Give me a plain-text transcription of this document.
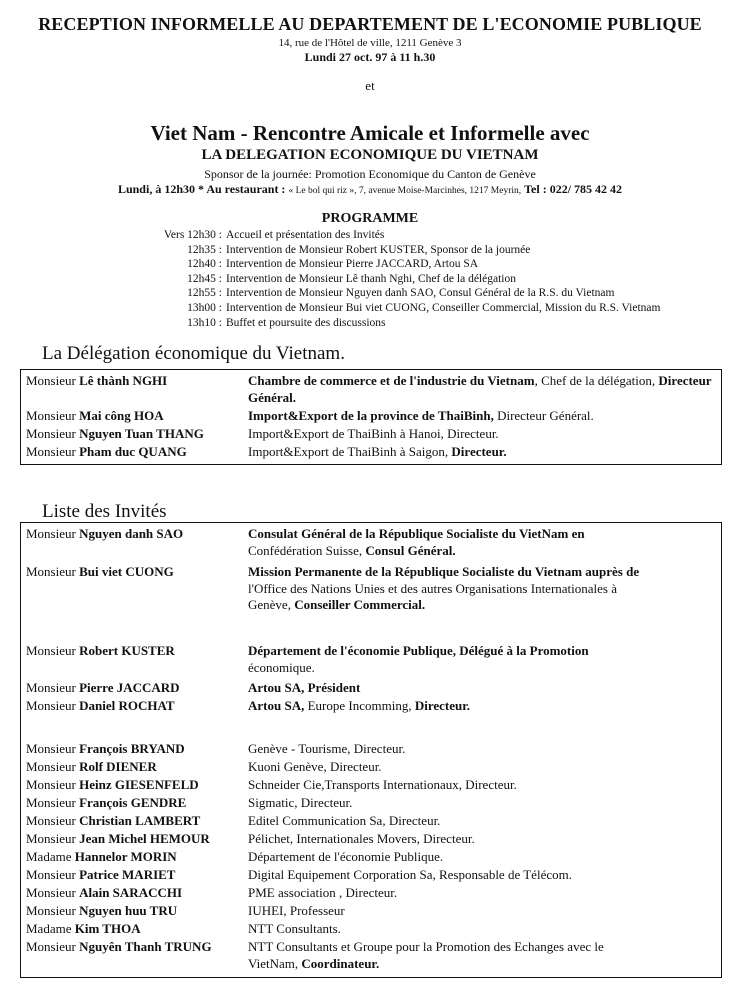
RECEPTION INFORMELLE AU DEPARTEMENT DE L'ECONOMIE PUBLIQUE
14, rue de l'Hôtel de ville, 1211 Genève 3
Lundi 27 oct. 97 à 11 h.30
et
Viet Nam - Rencontre Amicale et Informelle avec
LA DELEGATION ECONOMIQUE DU VIETNAM
Sponsor de la journée: Promotion Economique du Canton de Genève
Lundi, à 12h30 * Au restaurant : « Le bol qui riz », 7, avenue Moise-Marcinhes, 1217 Meyrin, Tel : 022/ 785 42 42
PROGRAMME
Vers 12h30 : Accueil et présentation des Invités
12h35 : Intervention de Monsieur Robert KUSTER, Sponsor de la journée
12h40 : Intervention de Monsieur Pierre JACCARD, Artou SA
12h45 : Intervention de Monsieur Lê thanh Nghi, Chef de la délégation
12h55 : Intervention de Monsieur Nguyen danh SAO, Consul Général de la R.S. du Vietnam
13h00 : Intervention de Monsieur Bui viet CUONG, Conseiller Commercial, Mission du R.S. Vietnam
13h10 : Buffet et poursuite des discussions
La Délégation économique du Vietnam.
Monsieur Lê thành NGHI	Chambre de commerce et de l'industrie du Vietnam, Chef de la délégation, Directeur Général.
Monsieur Mai công HOA	Import&Export de la province de ThaiBinh, Directeur Général.
Monsieur Nguyen Tuan THANG	Import&Export de ThaiBinh à Hanoi, Directeur.
Monsieur Pham duc QUANG	Import&Export de ThaiBinh à Saigon, Directeur.
Liste des Invités
Monsieur Nguyen danh SAO	Consulat Général de la République Socialiste du VietNam en
Confédération Suisse, Consul Général.
Monsieur Bui viet CUONG	Mission Permanente de la République Socialiste du Vietnam auprès de
l'Office des Nations Unies et des autres Organisations Internationales à
Genève, Conseiller Commercial.
Monsieur Robert KUSTER	Département de l'économie Publique, Délégué à la Promotion
économique.
Monsieur Pierre JACCARD	Artou SA, Président
Monsieur Daniel ROCHAT	Artou SA, Europe Incomming, Directeur.
Monsieur François BRYAND	Genève - Tourisme, Directeur.
Monsieur Rolf DIENER	Kuoni Genève, Directeur.
Monsieur Heinz GIESENFELD	Schneider Cie,Transports Internationaux, Directeur.
Monsieur François GENDRE	Sigmatic, Directeur.
Monsieur Christian LAMBERT	Editel Communication Sa, Directeur.
Monsieur Jean Michel HEMOUR	Pélichet, Internationales Movers, Directeur.
Madame Hannelor MORIN	Département de l'économie Publique.
Monsieur Patrice MARIET	Digital Equipement Corporation Sa, Responsable de Télécom.
Monsieur Alain SARACCHI	PME association , Directeur.
Monsieur Nguyen huu TRU	IUHEI, Professeur
Madame Kim THOA	NTT Consultants.
Monsieur Nguyên Thanh TRUNG	NTT Consultants et Groupe pour la Promotion des Echanges avec le
VietNam, Coordinateur.
